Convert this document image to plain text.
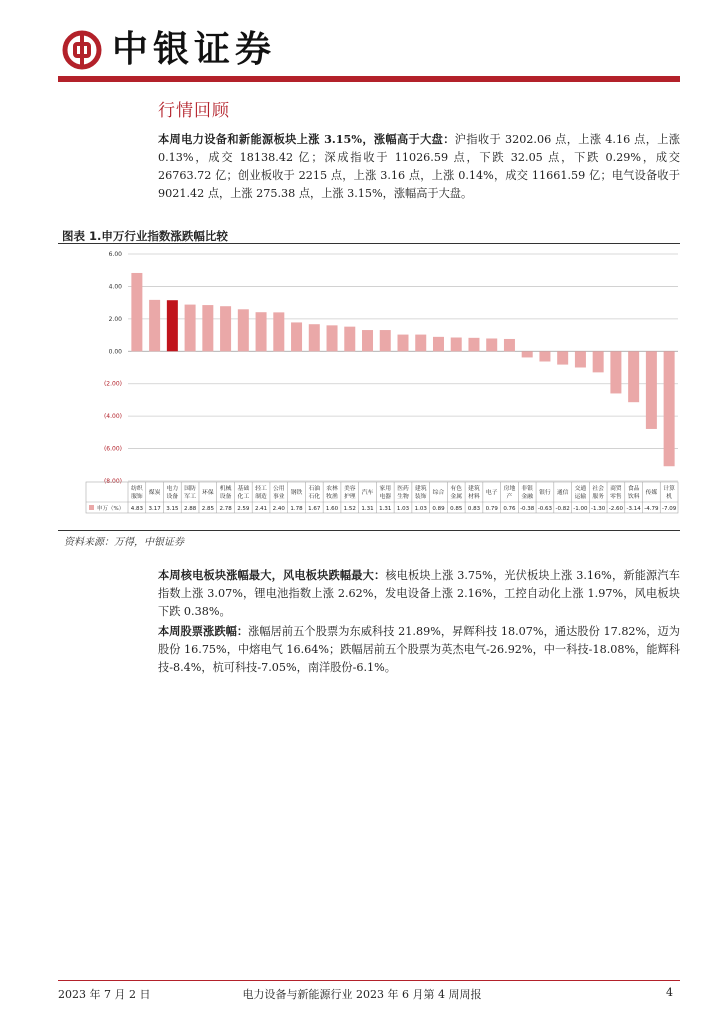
中银证券
行情回顾
本周电力设备和新能源板块上涨 3.15%，涨幅高于大盘：沪指收于 3202.06 点，上涨 4.16 点，上涨 0.13%，成交 18138.42 亿；深成指收于 11026.59 点，下跌 32.05 点，下跌 0.29%，成交 26763.72 亿；创业板收于 2215 点，上涨 3.16 点，上涨 0.14%，成交 11661.59 亿；电气设备收于 9021.42 点，上涨 275.38 点，上涨 3.15%，涨幅高于大盘。
图表 1.申万行业指数涨跌幅比较
6.00
4.00
2.00
0.00
(2.00)
(4.00)
(6.00)
(8.00)
申万（%）
纺织服饰
4.83
煤炭
3.17
电力设备
3.15
国防军工
2.88
环保
2.85
机械设备
2.78
基础化工
2.59
轻工制造
2.41
公用事业
2.40
钢铁
1.78
石油石化
1.67
农林牧渔
1.60
美容护理
1.52
汽车
1.31
家用电器
1.31
医药生物
1.03
建筑装饰
1.03
综合
0.89
有色金属
0.85
建筑材料
0.83
电子
0.79
房地产
0.76
非银金融
-0.38
银行
-0.63
通信
-0.82
交通运输
-1.00
社会服务
-1.30
商贸零售
-2.60
食品饮料
-3.14
传媒
-4.79
计算机
-7.09
资料来源：万得，中银证券
本周核电板块涨幅最大，风电板块跌幅最大：核电板块上涨 3.75%，光伏板块上涨 3.16%，新能源汽车指数上涨 3.07%，锂电池指数上涨 2.62%，发电设备上涨 2.16%，工控自动化上涨 1.97%，风电板块下跌 0.38%。
本周股票涨跌幅：涨幅居前五个股票为东威科技 21.89%，昇辉科技 18.07%，通达股份 17.82%，迈为股份 16.75%，中熔电气 16.64%；跌幅居前五个股票为英杰电气-26.92%，中一科技-18.08%，能辉科技-8.4%，杭可科技-7.05%，南洋股份-6.1%。
2023 年 7 月 2 日	电力设备与新能源行业 2023 年 6 月第 4 周周报	4
